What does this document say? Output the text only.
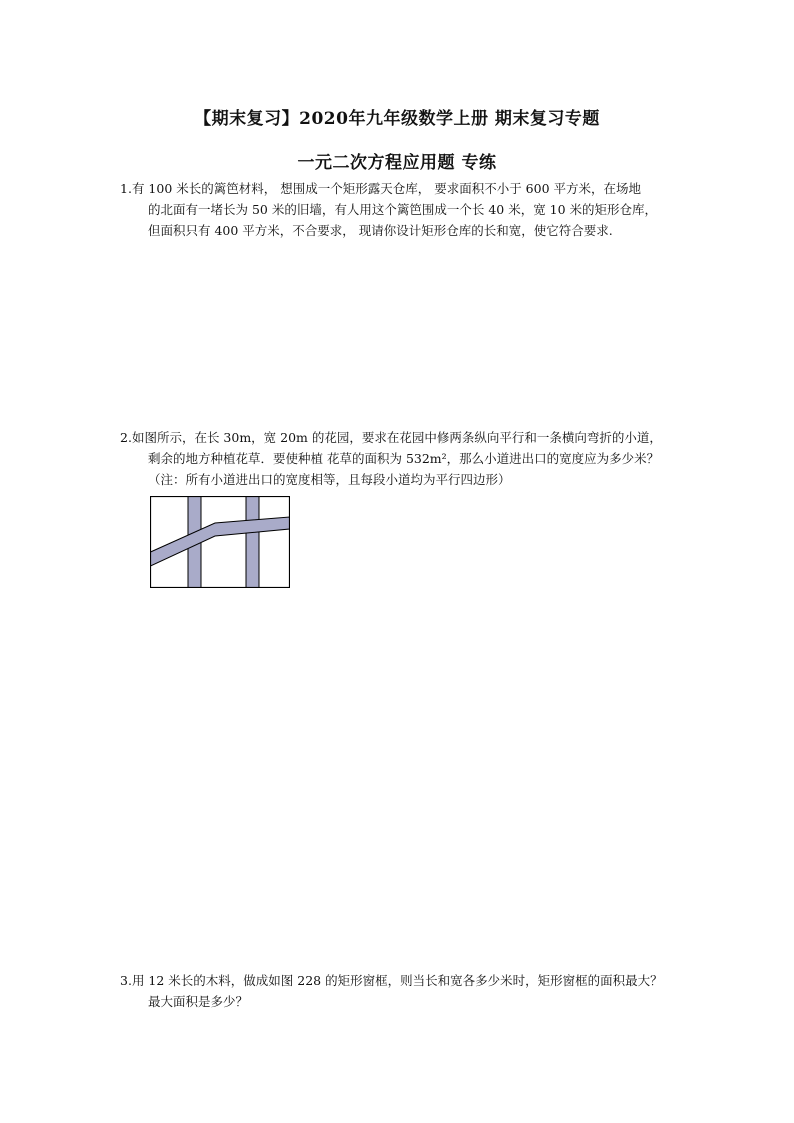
【期末复习】2020年九年级数学上册 期末复习专题
一元二次方程应用题 专练
1.有 100 米长的篱笆材料， 想围成一个矩形露天仓库， 要求面积不小于 600 平方米，在场地
的北面有一堵长为 50 米的旧墙，有人用这个篱笆围成一个长 40 米，宽 10 米的矩形仓库，
但面积只有 400 平方米，不合要求， 现请你设计矩形仓库的长和宽，使它符合要求.
2.如图所示，在长 30m，宽 20m 的花园，要求在花园中修两条纵向平行和一条横向弯折的小道，
剩余的地方种植花草．要使种植 花草的面积为 532m²，那么小道进出口的宽度应为多少米？
（注：所有小道进出口的宽度相等，且每段小道均为平行四边形）
3.用 12 米长的木料，做成如图 228 的矩形窗框，则当长和宽各多少米时，矩形窗框的面积最大？
最大面积是多少？
